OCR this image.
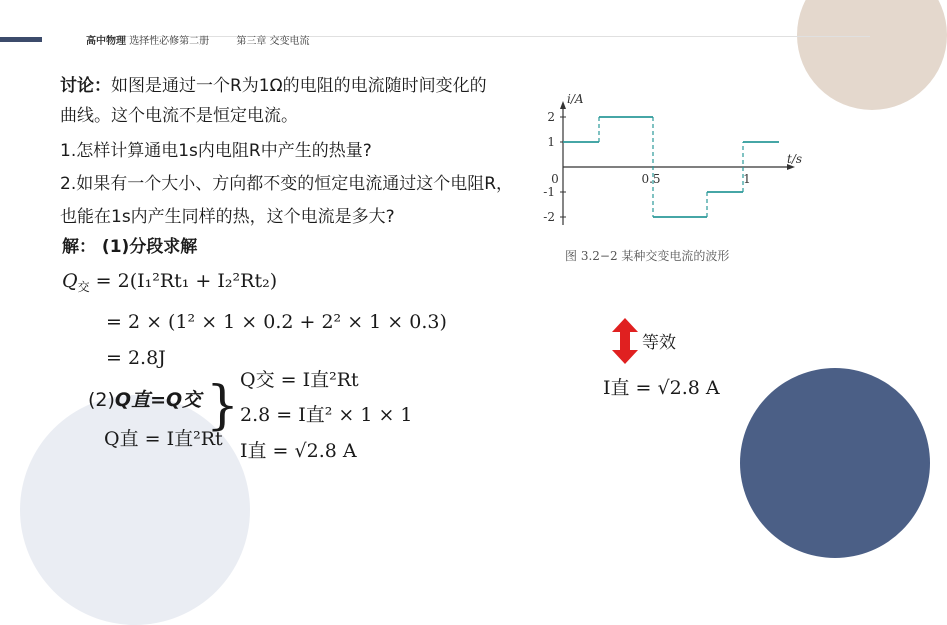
高中物理 选择性必修第二册	第三章 交变电流
讨论：如图是通过一个R为1Ω的电阻的电流随时间变化的
曲线。这个电流不是恒定电流。
1.怎样计算通电1s内电阻R中产生的热量?
2.如果有一个大小、方向都不变的恒定电流通过这个电阻R，
也能在1s内产生同样的热，这个电流是多大?
解： (1)分段求解
$Q_交 = 2(I_1^2Rt_1 + I_2^2Rt_2)$
= 2 × (1² × 1 × 0.2 + 2² × 1 × 0.3)
= 2.8J
(2)Q直=Q交
Q直 = I直²Rt
} Q交 = I直²Rt
2.8 = I直² × 1 × 1
I直 = √2.8 A
i/A
t/s
2
1
-1
-2
0	0.5	1
图 3.2−2 某种交变电流的波形
等效
I直 = √2.8 A
